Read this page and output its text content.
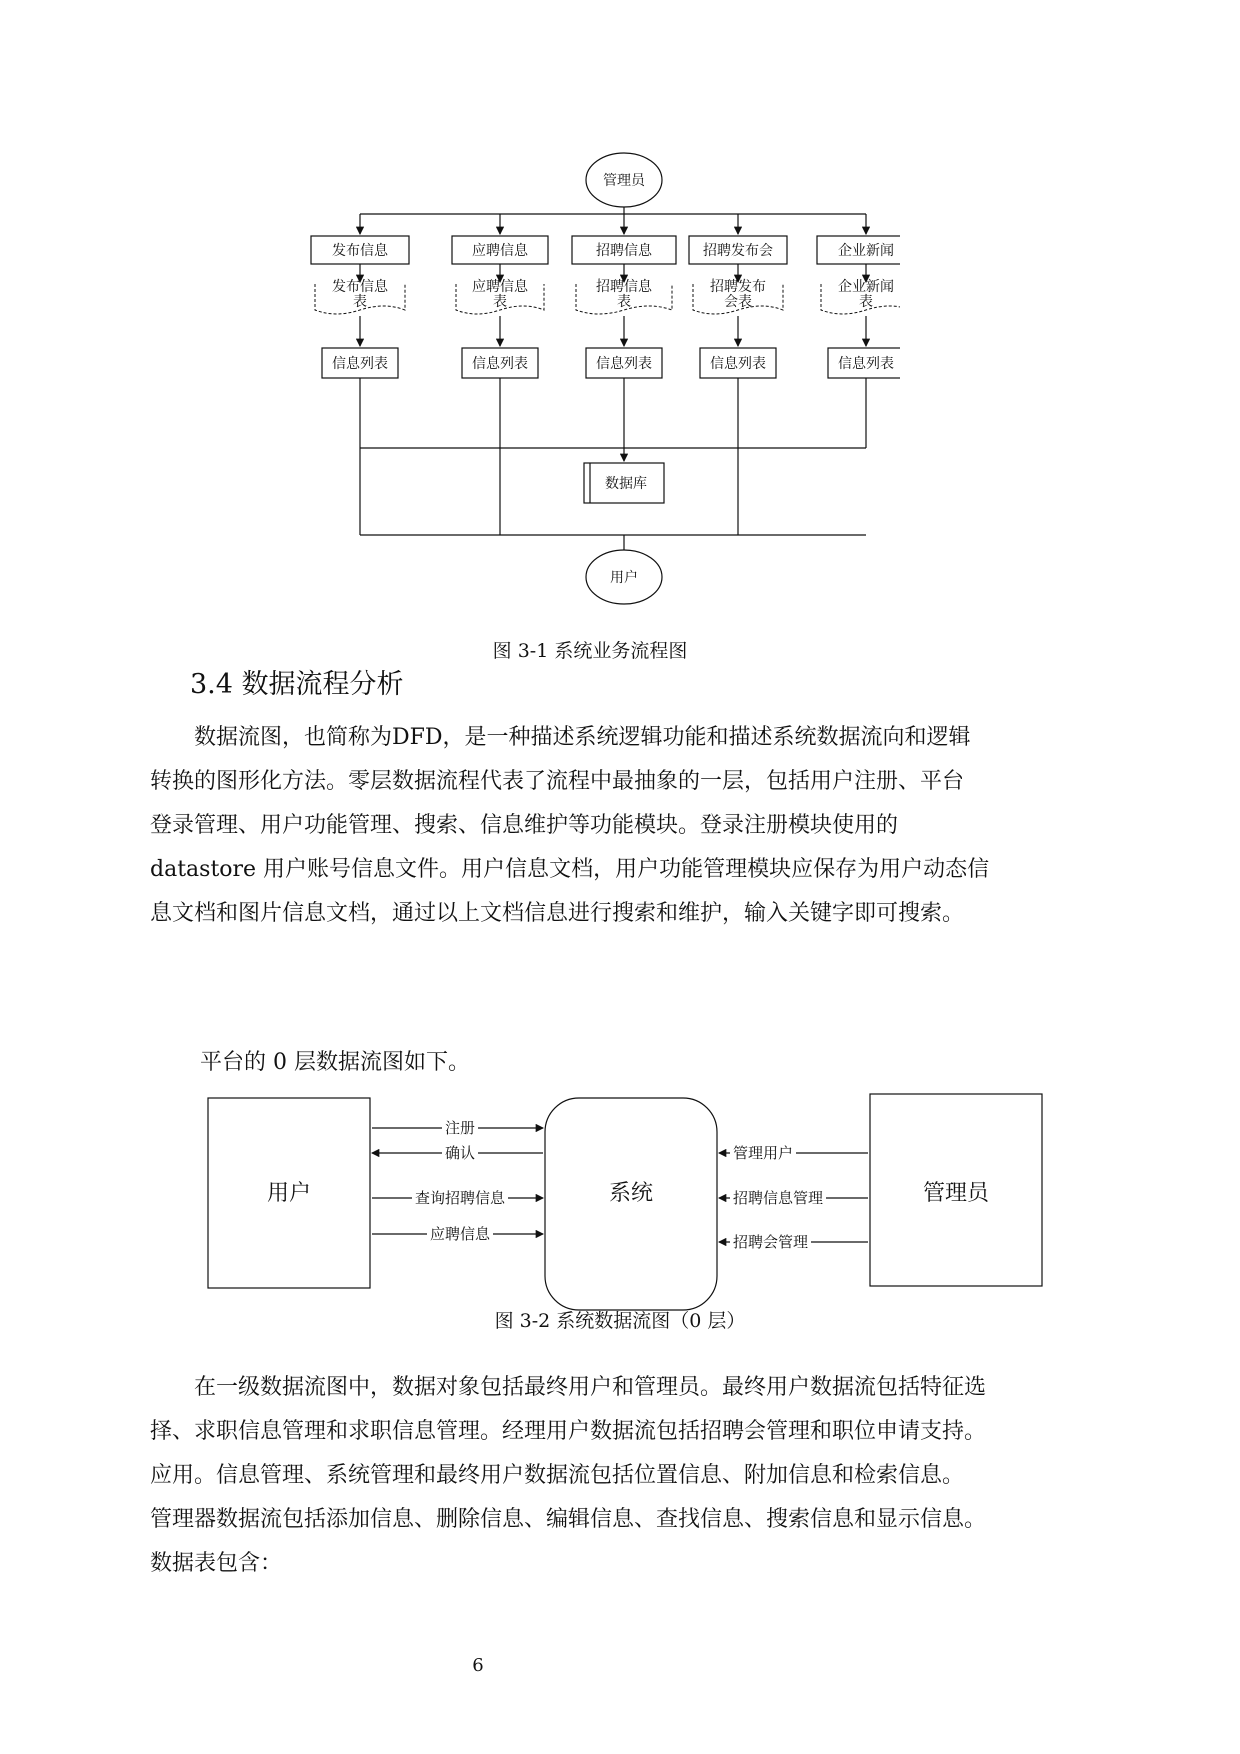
管理员
数据库
用户
发布信息
发布信息
表
信息列表
应聘信息
应聘信息
表
信息列表
招聘信息
招聘信息
表
信息列表
招聘发布会
招聘发布
会表
信息列表
企业新闻
企业新闻
表
信息列表
图 3-1 系统业务流程图
3.4 数据流程分析
数据流图，也简称为DFD，是一种描述系统逻辑功能和描述系统数据流向和逻辑
转换的图形化方法。零层数据流程代表了流程中最抽象的一层，包括用户注册、平台
登录管理、用户功能管理、搜索、信息维护等功能模块。登录注册模块使用的
datastore 用户账号信息文件。用户信息文档，用户功能管理模块应保存为用户动态信
息文档和图片信息文档，通过以上文档信息进行搜索和维护，输入关键字即可搜索。
平台的 0 层数据流图如下。
用户	系统	管理员
注册
确认
查询招聘信息
应聘信息
管理用户
招聘信息管理
招聘会管理
图 3-2 系统数据流图（0 层）
在一级数据流图中，数据对象包括最终用户和管理员。最终用户数据流包括特征选
择、求职信息管理和求职信息管理。经理用户数据流包括招聘会管理和职位申请支持。
应用。信息管理、系统管理和最终用户数据流包括位置信息、附加信息和检索信息。
管理器数据流包括添加信息、删除信息、编辑信息、查找信息、搜索信息和显示信息。
数据表包含：
6
